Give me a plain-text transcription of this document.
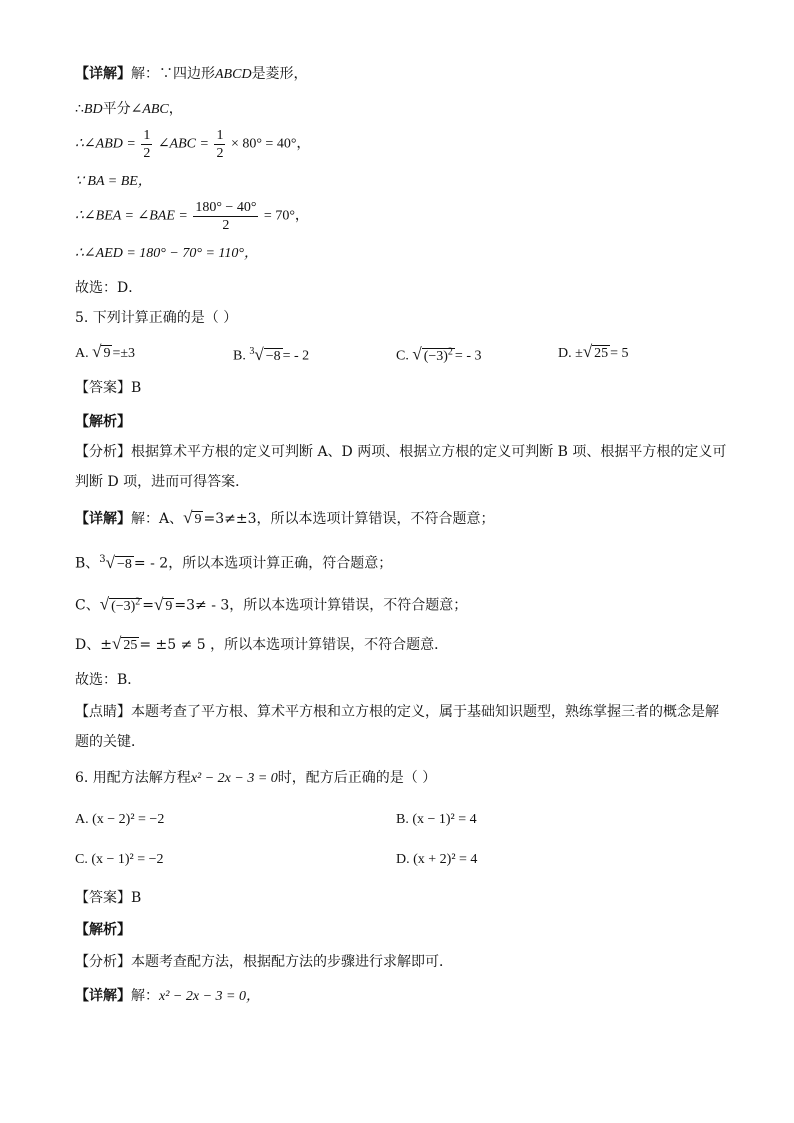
【详解】解：∵四边形ABCD是菱形，
∴BD平分∠ABC，
∴∠ABD = $\frac{1}{2}$ ∠ABC = $\frac{1}{2} \times 80^\circ = 40^\circ$，
∵ BA = BE，
∴∠BEA = ∠BAE = $\frac{180^\circ - 40^\circ}{2} = 70^\circ$，
∴∠AED = 180° − 70° = 110°，
故选：D．
5. 下列计算正确的是（ ）
A. √ 9 =±3	B. $^3$√ −8 = - 2	C. √ $(-3)^2$ = - 3	D. ±√ 25 = 5
【答案】B
【解析】
【分析】根据算术平方根的定义可判断 A、D 两项、根据立方根的定义可判断 B 项、根据平方根的定义可
判断 D 项，进而可得答案．
【详解】解：A、√ 9 =3≠±3，所以本选项计算错误，不符合题意；
B、$^3$√ −8 = - 2，所以本选项计算正确，符合题意；
C、√ $(-3)^2$ =√ 9 =3≠ - 3，所以本选项计算错误，不符合题意；
D、±√ 25 = ±5 ≠ 5 ，所以本选项计算错误，不符合题意．
故选：B．
【点睛】本题考查了平方根、算术平方根和立方根的定义，属于基础知识题型，熟练掌握三者的概念是解
题的关键．
6. 用配方法解方程x² − 2x − 3 = 0时，配方后正确的是（ ）
A. (x − 2)² = −2	B. (x − 1)² = 4
C. (x − 1)² = −2	D. (x + 2)² = 4
【答案】B
【解析】
【分析】本题考查配方法，根据配方法的步骤进行求解即可．
【详解】解：x² − 2x − 3 = 0，
